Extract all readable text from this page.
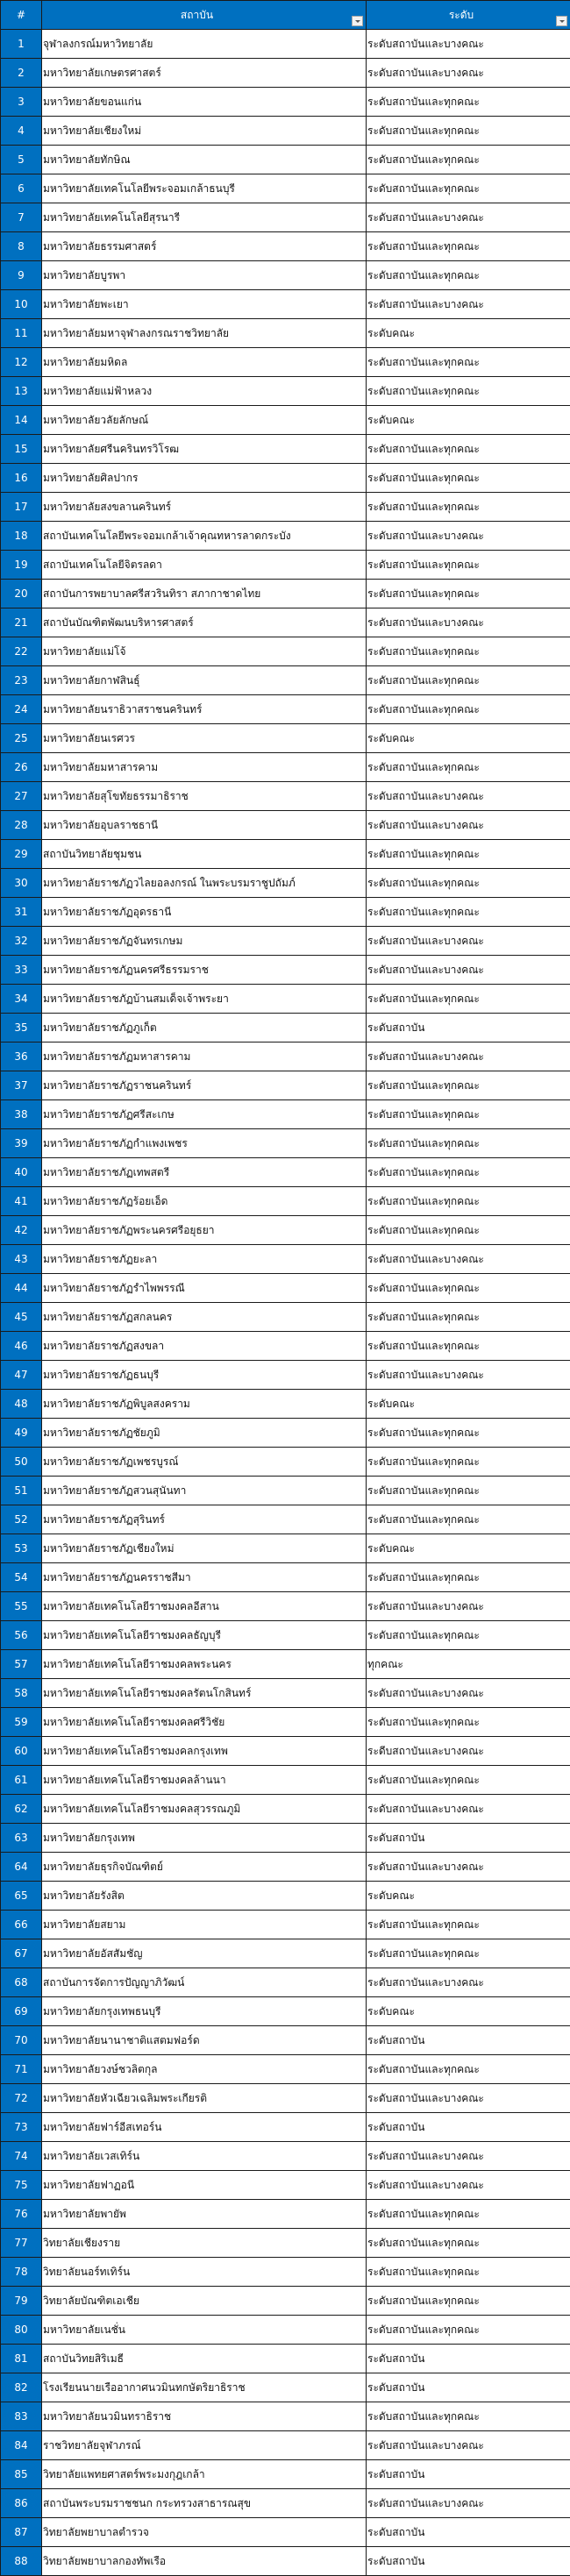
#	สถาบัน	ระดับ

1	จุฬาลงกรณ์มหาวิทยาลัย	ระดับสถาบันและบางคณะ
2	มหาวิทยาลัยเกษตรศาสตร์	ระดับสถาบันและบางคณะ
3	มหาวิทยาลัยขอนแก่น	ระดับสถาบันและทุกคณะ
4	มหาวิทยาลัยเชียงใหม่	ระดับสถาบันและทุกคณะ
5	มหาวิทยาลัยทักษิณ	ระดับสถาบันและทุกคณะ
6	มหาวิทยาลัยเทคโนโลยีพระจอมเกล้าธนบุรี	ระดับสถาบันและทุกคณะ
7	มหาวิทยาลัยเทคโนโลยีสุรนารี	ระดับสถาบันและบางคณะ
8	มหาวิทยาลัยธรรมศาสตร์	ระดับสถาบันและทุกคณะ
9	มหาวิทยาลัยบูรพา	ระดับสถาบันและทุกคณะ
10	มหาวิทยาลัยพะเยา	ระดับสถาบันและบางคณะ
11	มหาวิทยาลัยมหาจุฬาลงกรณราชวิทยาลัย	ระดับคณะ
12	มหาวิทยาลัยมหิดล	ระดับสถาบันและทุกคณะ
13	มหาวิทยาลัยแม่ฟ้าหลวง	ระดับสถาบันและทุกคณะ
14	มหาวิทยาลัยวลัยลักษณ์	ระดับคณะ
15	มหาวิทยาลัยศรีนครินทรวิโรฒ	ระดับสถาบันและทุกคณะ
16	มหาวิทยาลัยศิลปากร	ระดับสถาบันและทุกคณะ
17	มหาวิทยาลัยสงขลานครินทร์	ระดับสถาบันและทุกคณะ
18	สถาบันเทคโนโลยีพระจอมเกล้าเจ้าคุณทหารลาดกระบัง	ระดับสถาบันและบางคณะ
19	สถาบันเทคโนโลยีจิตรลดา	ระดับสถาบันและทุกคณะ
20	สถาบันการพยาบาลศรีสวรินทิรา สภากาชาดไทย	ระดับสถาบันและทุกคณะ
21	สถาบันบัณฑิตพัฒนบริหารศาสตร์	ระดับสถาบันและบางคณะ
22	มหาวิทยาลัยแม่โจ้	ระดับสถาบันและทุกคณะ
23	มหาวิทยาลัยกาฬสินธุ์	ระดับสถาบันและทุกคณะ
24	มหาวิทยาลัยนราธิวาสราชนครินทร์	ระดับสถาบันและทุกคณะ
25	มหาวิทยาลัยนเรศวร	ระดับคณะ
26	มหาวิทยาลัยมหาสารคาม	ระดับสถาบันและทุกคณะ
27	มหาวิทยาลัยสุโขทัยธรรมาธิราช	ระดับสถาบันและบางคณะ
28	มหาวิทยาลัยอุบลราชธานี	ระดับสถาบันและบางคณะ
29	สถาบันวิทยาลัยชุมชน	ระดับสถาบันและทุกคณะ
30	มหาวิทยาลัยราชภัฏวไลยอลงกรณ์ ในพระบรมราชูปถัมภ์	ระดับสถาบันและทุกคณะ
31	มหาวิทยาลัยราชภัฏอุดรธานี	ระดับสถาบันและทุกคณะ
32	มหาวิทยาลัยราชภัฏจันทรเกษม	ระดับสถาบันและบางคณะ
33	มหาวิทยาลัยราชภัฏนครศรีธรรมราช	ระดับสถาบันและบางคณะ
34	มหาวิทยาลัยราชภัฏบ้านสมเด็จเจ้าพระยา	ระดับสถาบันและทุกคณะ
35	มหาวิทยาลัยราชภัฏภูเก็ต	ระดับสถาบัน
36	มหาวิทยาลัยราชภัฏมหาสารคาม	ระดับสถาบันและบางคณะ
37	มหาวิทยาลัยราชภัฏราชนครินทร์	ระดับสถาบันและทุกคณะ
38	มหาวิทยาลัยราชภัฏศรีสะเกษ	ระดับสถาบันและทุกคณะ
39	มหาวิทยาลัยราชภัฏกำแพงเพชร	ระดับสถาบันและทุกคณะ
40	มหาวิทยาลัยราชภัฏเทพสตรี	ระดับสถาบันและทุกคณะ
41	มหาวิทยาลัยราชภัฏร้อยเอ็ด	ระดับสถาบันและทุกคณะ
42	มหาวิทยาลัยราชภัฏพระนครศรีอยุธยา	ระดับสถาบันและทุกคณะ
43	มหาวิทยาลัยราชภัฏยะลา	ระดับสถาบันและบางคณะ
44	มหาวิทยาลัยราชภัฏรำไพพรรณี	ระดับสถาบันและทุกคณะ
45	มหาวิทยาลัยราชภัฏสกลนคร	ระดับสถาบันและทุกคณะ
46	มหาวิทยาลัยราชภัฏสงขลา	ระดับสถาบันและทุกคณะ
47	มหาวิทยาลัยราชภัฏธนบุรี	ระดับสถาบันและบางคณะ
48	มหาวิทยาลัยราชภัฏพิบูลสงคราม	ระดับคณะ
49	มหาวิทยาลัยราชภัฏชัยภูมิ	ระดับสถาบันและทุกคณะ
50	มหาวิทยาลัยราชภัฏเพชรบูรณ์	ระดับสถาบันและทุกคณะ
51	มหาวิทยาลัยราชภัฏสวนสุนันทา	ระดับสถาบันและทุกคณะ
52	มหาวิทยาลัยราชภัฏสุรินทร์	ระดับสถาบันและทุกคณะ
53	มหาวิทยาลัยราชภัฏเชียงใหม่	ระดับคณะ
54	มหาวิทยาลัยราชภัฏนครราชสีมา	ระดับสถาบันและทุกคณะ
55	มหาวิทยาลัยเทคโนโลยีราชมงคลอีสาน	ระดับสถาบันและบางคณะ
56	มหาวิทยาลัยเทคโนโลยีราชมงคลธัญบุรี	ระดับสถาบันและทุกคณะ
57	มหาวิทยาลัยเทคโนโลยีราชมงคลพระนคร	ทุกคณะ
58	มหาวิทยาลัยเทคโนโลยีราชมงคลรัตนโกสินทร์	ระดับสถาบันและบางคณะ
59	มหาวิทยาลัยเทคโนโลยีราชมงคลศรีวิชัย	ระดับสถาบันและทุกคณะ
60	มหาวิทยาลัยเทคโนโลยีราชมงคลกรุงเทพ	ระดีบสถาบันและบางคณะ
61	มหาวิทยาลัยเทคโนโลยีราชมงคลล้านนา	ระดับสถาบันและทุกคณะ
62	มหาวิทยาลัยเทคโนโลยีราชมงคลสุวรรณภูมิ	ระดับสถาบันและบางคณะ
63	มหาวิทยาลัยกรุงเทพ	ระดับสถาบัน
64	มหาวิทยาลัยธุรกิจบัณฑิตย์	ระดับสถาบันและบางคณะ
65	มหาวิทยาลัยรังสิต	ระดับคณะ
66	มหาวิทยาลัยสยาม	ระดับสถาบันและทุกคณะ
67	มหาวิทยาลัยอัสสัมชัญ	ระดับสถาบันและทุกคณะ
68	สถาบันการจัดการปัญญาภิวัฒน์	ระดับสถาบันและบางคณะ
69	มหาวิทยาลัยกรุงเทพธนบุรี	ระดับคณะ
70	มหาวิทยาลัยนานาชาติแสตมฟอร์ด	ระดับสถาบัน
71	มหาวิทยาลัยวงษ์ชวลิตกุล	ระดับสถาบันและทุกคณะ
72	มหาวิทยาลัยหัวเฉียวเฉลิมพระเกียรติ	ระดับสถาบันและบางคณะ
73	มหาวิทยาลัยฟาร์อีสเทอร์น	ระดับสถาบัน
74	มหาวิทยาลัยเวสเทิร์น	ระดับสถาบันและบางคณะ
75	มหาวิทยาลัยฟาฏอนี	ระดับสถาบันและบางคณะ
76	มหาวิทยาลัยพายัพ	ระดับสถาบันและทุกคณะ
77	วิทยาลัยเชียงราย	ระดับสถาบันและทุกคณะ
78	วิทยาลัยนอร์ทเทิร์น	ระดับสถาบันและทุกคณะ
79	วิทยาลัยบัณฑิตเอเชีย	ระดับสถาบันและทุกคณะ
80	มหาวิทยาลัยเนชั่น	ระดับสถาบันและทุกคณะ
81	สถาบันวิทยสิริเมธี	ระดับสถาบัน
82	โรงเรียนนายเรืออากาศนวมินทกษัตริยาธิราช	ระดับสถาบัน
83	มหาวิทยาลัยนวมินทราธิราช	ระดับสถาบันและทุกคณะ
84	ราชวิทยาลัยจุฬาภรณ์	ระดับสถาบันและบางคณะ
85	วิทยาลัยแพทยศาสตร์พระมงกุฎเกล้า	ระดับสถาบัน
86	สถาบันพระบรมราชชนก กระทรวงสาธารณสุข	ระดับสถาบันและบางคณะ
87	วิทยาลัยพยาบาลตำรวจ	ระดับสถาบัน
88	วิทยาลัยพยาบาลกองทัพเรือ	ระดับสถาบัน
